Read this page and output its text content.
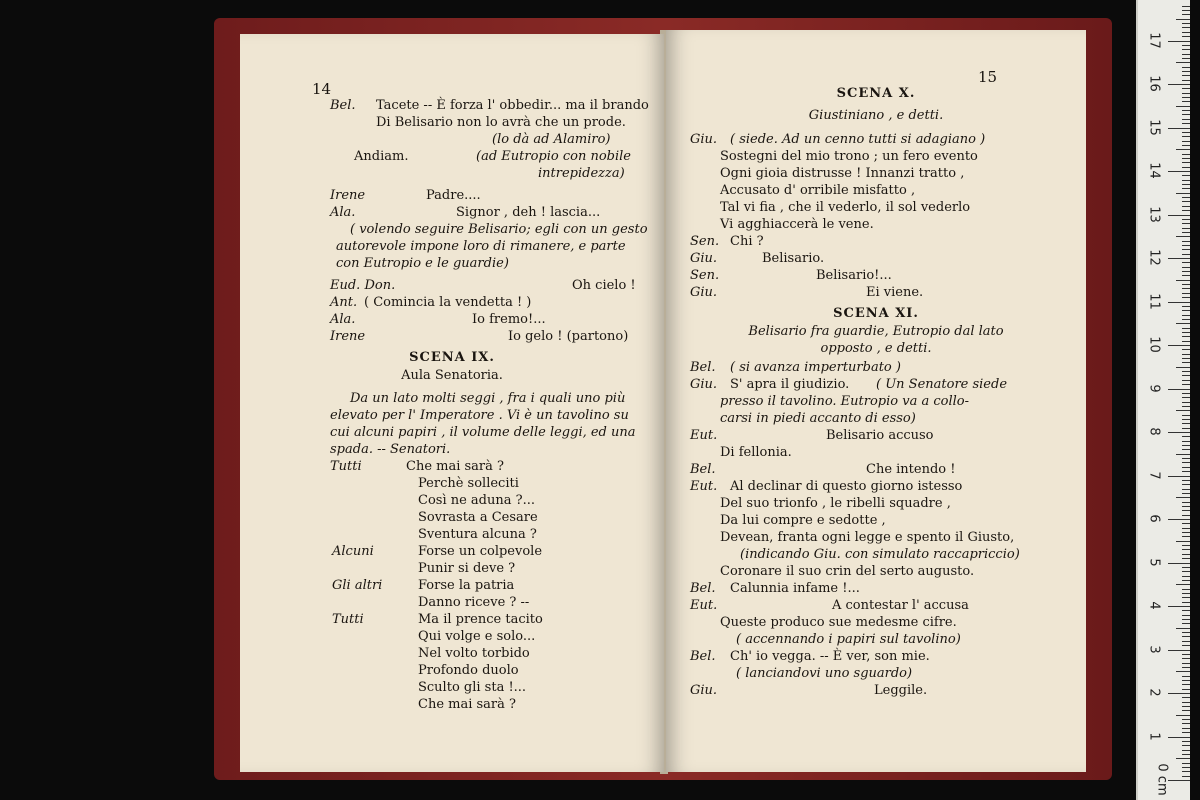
14
Bel. Tacete -- È forza l' obbedir... ma il brando
Di Belisario non lo avrà che un prode.
(lo dà ad Alamiro)
Andiam.	(ad Eutropio con nobile
intrepidezza)
Irene	Padre....
Ala.	Signor , deh ! lascia...
( volendo seguire Belisario; egli con un gesto
autorevole impone loro di rimanere, e parte
con Eutropio e le guardie)
Eud. Don.	Oh cielo !
Ant. ( Comincia la vendetta ! )
Ala.	Io fremo!...
Irene	Io gelo ! (partono)
SCENA IX.
Aula Senatoria.
Da un lato molti seggi , fra i quali uno più
elevato per l' Imperatore . Vi è un tavolino su
cui alcuni papiri , il volume delle leggi, ed una
spada. -- Senatori.
Tutti	Che mai sarà ?
Perchè solleciti
Così ne aduna ?...
Sovrasta a Cesare
Sventura alcuna ?
Alcuni	Forse un colpevole
Punir si deve ?
Gli altri	Forse la patria
Danno riceve ? --
Tutti	Ma il prence tacito
Qui volge e solo...
Nel volto torbido
Profondo duolo
Sculto gli sta !...
Che mai sarà ?
15
SCENA X.
Giustiniano , e detti.
Giu. ( siede. Ad un cenno tutti si adagiano )
Sostegni del mio trono ; un fero evento
Ogni gioia distrusse ! Innanzi tratto ,
Accusato d' orribile misfatto ,
Tal vi fia , che il vederlo, il sol vederlo
Vi agghiaccerà le vene.
Sen. Chi ?
Giu.	Belisario.
Sen.	Belisario!...
Giu.	Ei viene.
SCENA XI.
Belisario fra guardie, Eutropio dal lato
opposto , e detti.
Bel. ( si avanza imperturbato )
Giu. S' apra il giudizio. ( Un Senatore siede
presso il tavolino. Eutropio va a collo-
carsi in piedi accanto di esso)
Eut.	Belisario accuso
Di fellonia.
Bel.	Che intendo !
Eut. Al declinar di questo giorno istesso
Del suo trionfo , le ribelli squadre ,
Da lui compre e sedotte ,
Devean, franta ogni legge e spento il Giusto,
(indicando Giu. con simulato raccapriccio)
Coronare il suo crin del serto augusto.
Bel. Calunnia infame !...
Eut.	A contestar l' accusa
Queste produco sue medesme cifre.
( accennando i papiri sul tavolino)
Bel. Ch' io vegga. -- È ver, son mie.
( lanciandovi uno sguardo)
Giu.	Leggile.
0 cm
1
2
3
4
5
6
7
8
9
10
11
12
13
14
15
16
17
